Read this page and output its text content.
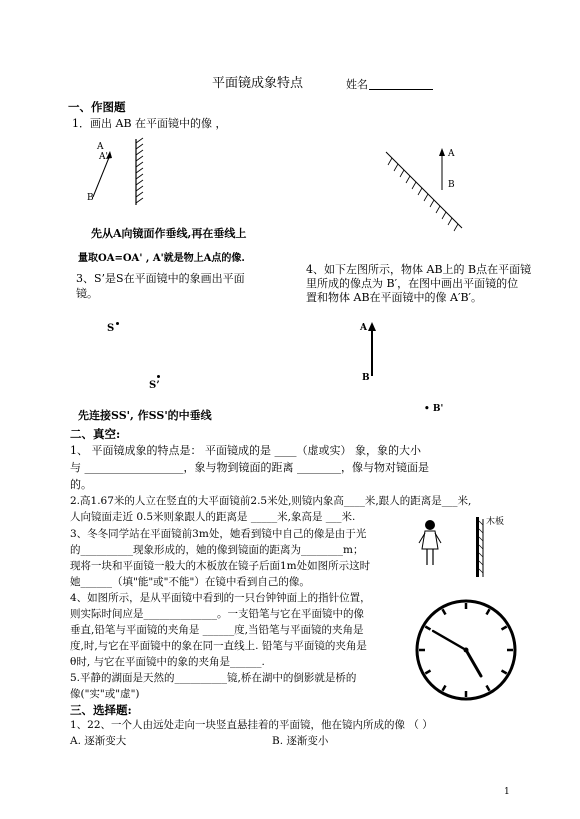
平面镜成象特点	姓名
一、作图题
1．画出 AB 在平面镜中的像 ，
A
A'
B
A
B
先从A向镜面作垂线,再在垂线上
量取OA=OA' , A'就是物上A点的像.
3、S’是S在平面镜中的象画出平面
镜。
4、如下左图所示，物体 AB上的 B点在平面镜
里所成的像点为 B′，在图中画出平面镜的位
置和物体 AB在平面镜中的像 A′B′。
S
S’
A
B
• B'
先连接SS', 作SS'的中垂线
二、真空:
1、 平面镜成象的特点是： 平面镜成的是 ____（虚或实） 象，象的大小
与 __________________，象与物到镜面的距离 ________，像与物对镜面是
的。
2.高1.67米的人立在竖直的大平面镜前2.5米处,则镜内象高____米,跟人的距离是___米,
人向镜面走近 0.5米则象跟人的距离是 _____米,象高是 ___米.
3、冬冬同学站在平面镜前3m处，她看到镜中自己的像是由于光
的__________现象形成的，她的像到镜面的距离为________m；
现将一块和平面镜一般大的木板放在镜子后面1m处如图所示这时
她______（填"能"或"不能"）在镜中看到自己的像。
木板
4、如图所示，是从平面镜中看到的一只台钟钟面上的指针位置，
则实际时间应是______________。一支铅笔与它在平面镜中的像
垂直,铅笔与平面镜的夹角是 ______度,当铅笔与平面镜的夹角是
度,时,与它在平面镜中的象在同一直线上. 铅笔与平面镜的夹角是
θ时, 与它在平面镜中的象的夹角是______.
5.平静的湖面是天然的__________镜,桥在湖中的倒影就是桥的
像("实"或"虚")
三、选择题:
1、22、一个人由远处走向一块竖直悬挂着的平面镜，他在镜内所成的像 （ ）
A. 逐渐变大	B. 逐渐变小
1
